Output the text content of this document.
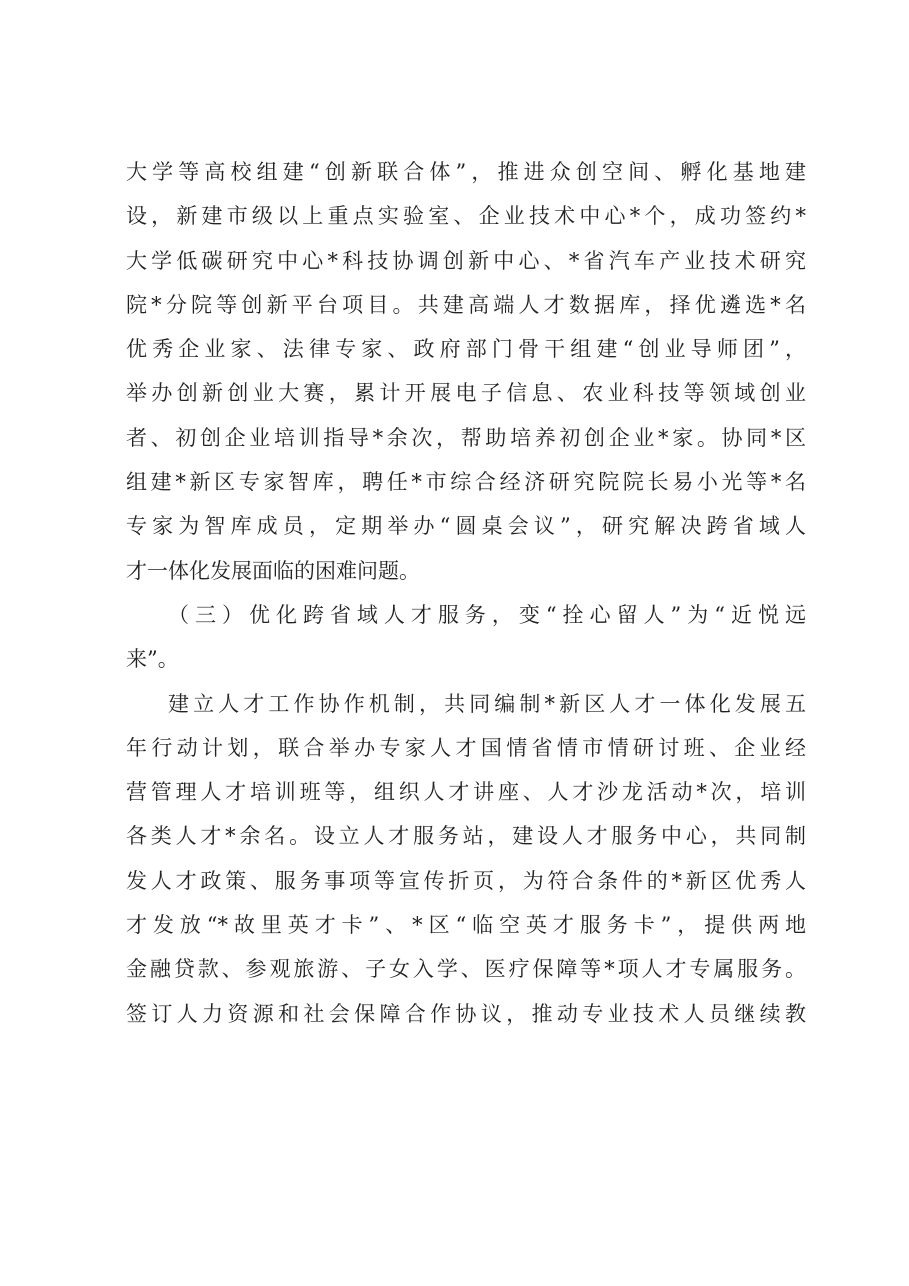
大学等高校组建“创新联合体”，推进众创空间、孵化基地建
设，新建市级以上重点实验室、企业技术中心*个，成功签约*
大学低碳研究中心*科技协调创新中心、*省汽车产业技术研究
院*分院等创新平台项目。共建高端人才数据库，择优遴选*名
优秀企业家、法律专家、政府部门骨干组建“创业导师团”，
举办创新创业大赛，累计开展电子信息、农业科技等领域创业
者、初创企业培训指导*余次，帮助培养初创企业*家。协同*区
组建*新区专家智库，聘任*市综合经济研究院院长易小光等*名
专家为智库成员，定期举办“圆桌会议”，研究解决跨省域人
才一体化发展面临的困难问题。
（三）优化跨省域人才服务，变“拴心留人”为“近悦远
来”。
建立人才工作协作机制，共同编制*新区人才一体化发展五
年行动计划，联合举办专家人才国情省情市情研讨班、企业经
营管理人才培训班等，组织人才讲座、人才沙龙活动*次，培训
各类人才*余名。设立人才服务站，建设人才服务中心，共同制
发人才政策、服务事项等宣传折页，为符合条件的*新区优秀人
才发放“*故里英才卡”、*区“临空英才服务卡”，提供两地
金融贷款、参观旅游、子女入学、医疗保障等*项人才专属服务。
签订人力资源和社会保障合作协议，推动专业技术人员继续教
